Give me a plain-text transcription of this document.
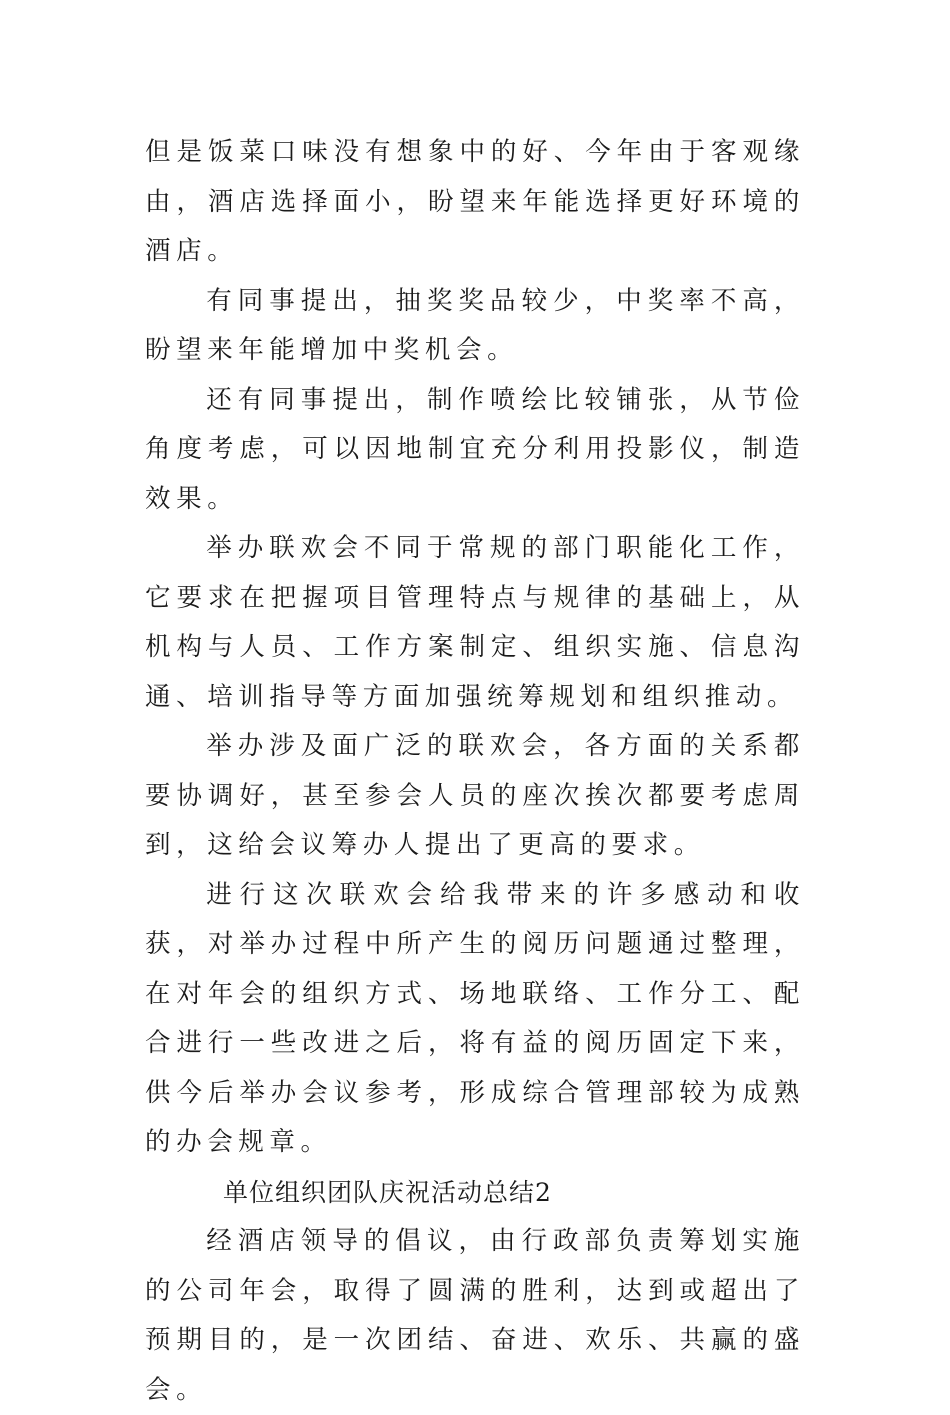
但是饭菜口味没有想象中的好、今年由于客观缘由，酒店选择面小，盼望来年能选择更好环境的酒店。

有同事提出，抽奖奖品较少，中奖率不高，盼望来年能增加中奖机会。

还有同事提出，制作喷绘比较铺张，从节俭角度考虑，可以因地制宜充分利用投影仪，制造效果。

举办联欢会不同于常规的部门职能化工作，它要求在把握项目管理特点与规律的基础上，从机构与人员、工作方案制定、组织实施、信息沟通、培训指导等方面加强统筹规划和组织推动。

举办涉及面广泛的联欢会，各方面的关系都要协调好，甚至参会人员的座次挨次都要考虑周到，这给会议筹办人提出了更高的要求。

进行这次联欢会给我带来的许多感动和收获，对举办过程中所产生的阅历问题通过整理，在对年会的组织方式、场地联络、工作分工、配合进行一些改进之后，将有益的阅历固定下来，供今后举办会议参考，形成综合管理部较为成熟的办会规章。

单位组织团队庆祝活动总结2

经酒店领导的倡议，由行政部负责筹划实施的公司年会，取得了圆满的胜利，达到或超出了预期目的，是一次团结、奋进、欢乐、共赢的盛会。
